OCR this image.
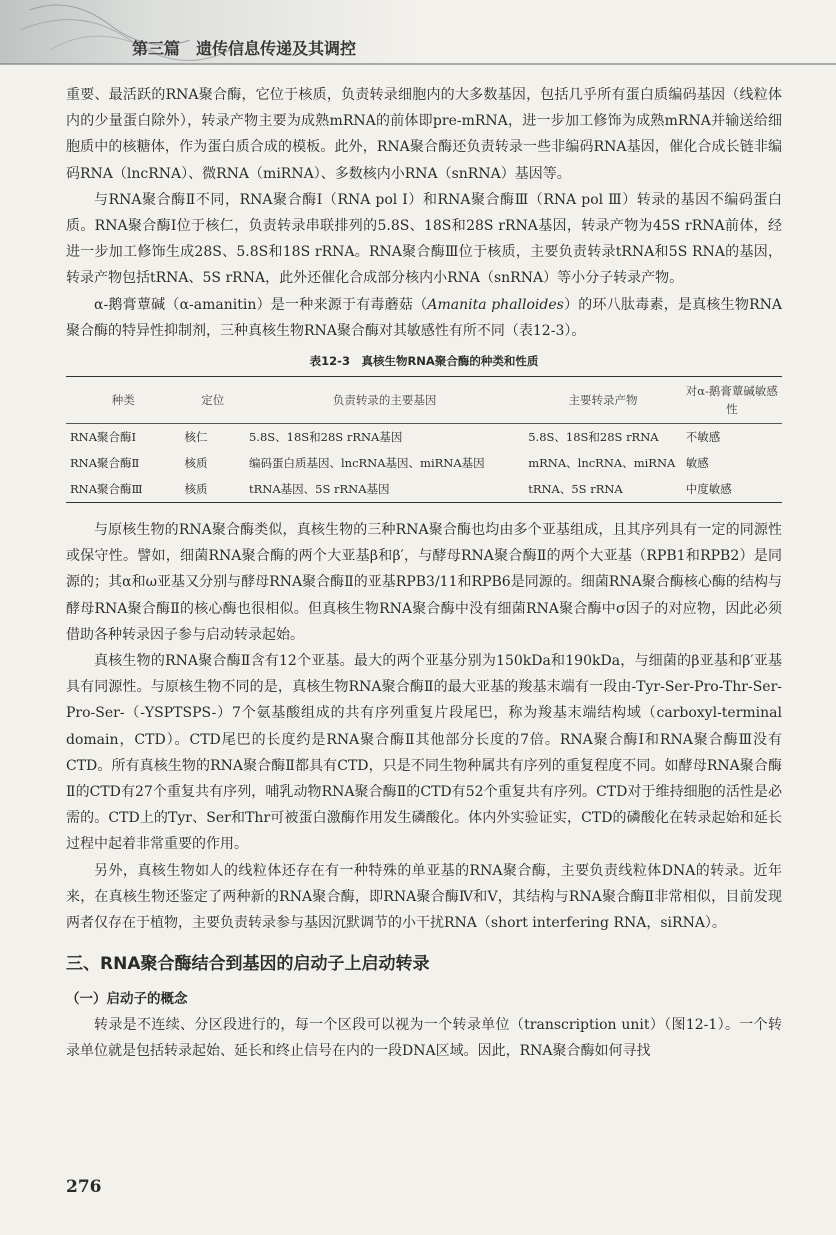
第三篇　遗传信息传递及其调控

重要、最活跃的RNA聚合酶，它位于核质，负责转录细胞内的大多数基因，包括几乎所有蛋白质编码基因（线粒体内的少量蛋白除外），转录产物主要为成熟mRNA的前体即pre-mRNA，进一步加工修饰为成熟mRNA并输送给细胞质中的核糖体，作为蛋白质合成的模板。此外，RNA聚合酶还负责转录一些非编码RNA基因，催化合成长链非编码RNA（lncRNA）、微RNA（miRNA）、多数核内小RNA（snRNA）基因等。

与RNA聚合酶Ⅱ不同，RNA聚合酶Ⅰ（RNA pol Ⅰ）和RNA聚合酶Ⅲ（RNA pol Ⅲ）转录的基因不编码蛋白质。RNA聚合酶Ⅰ位于核仁，负责转录串联排列的5.8S、18S和28S rRNA基因，转录产物为45S rRNA前体，经进一步加工修饰生成28S、5.8S和18S rRNA。RNA聚合酶Ⅲ位于核质，主要负责转录tRNA和5S RNA的基因，转录产物包括tRNA、5S rRNA，此外还催化合成部分核内小RNA（snRNA）等小分子转录产物。

α-鹅膏蕈碱（α-amanitin）是一种来源于有毒蘑菇（Amanita phalloides）的环八肽毒素，是真核生物RNA聚合酶的特异性抑制剂，三种真核生物RNA聚合酶对其敏感性有所不同（表12-3）。

表12-3　真核生物RNA聚合酶的种类和性质
种类	定位	负责转录的主要基因	主要转录产物	对α-鹅膏蕈碱敏感性
RNA聚合酶Ⅰ	核仁	5.8S、18S和28S rRNA基因	5.8S、18S和28S rRNA	不敏感
RNA聚合酶Ⅱ	核质	编码蛋白质基因、lncRNA基因、miRNA基因	mRNA、lncRNA、miRNA	敏感
RNA聚合酶Ⅲ	核质	tRNA基因、5S rRNA基因	tRNA、5S rRNA	中度敏感

与原核生物的RNA聚合酶类似，真核生物的三种RNA聚合酶也均由多个亚基组成，且其序列具有一定的同源性或保守性。譬如，细菌RNA聚合酶的两个大亚基β和β′，与酵母RNA聚合酶Ⅱ的两个大亚基（RPB1和RPB2）是同源的；其α和ω亚基又分别与酵母RNA聚合酶Ⅱ的亚基RPB3/11和RPB6是同源的。细菌RNA聚合酶核心酶的结构与酵母RNA聚合酶Ⅱ的核心酶也很相似。但真核生物RNA聚合酶中没有细菌RNA聚合酶中σ因子的对应物，因此必须借助各种转录因子参与启动转录起始。

真核生物的RNA聚合酶Ⅱ含有12个亚基。最大的两个亚基分别为150kDa和190kDa，与细菌的β亚基和β′亚基具有同源性。与原核生物不同的是，真核生物RNA聚合酶Ⅱ的最大亚基的羧基末端有一段由-Tyr-Ser-Pro-Thr-Ser-Pro-Ser-（-YSPTSPS-）7个氨基酸组成的共有序列重复片段尾巴，称为羧基末端结构域（carboxyl-terminal domain，CTD）。CTD尾巴的长度约是RNA聚合酶Ⅱ其他部分长度的7倍。RNA聚合酶Ⅰ和RNA聚合酶Ⅲ没有CTD。所有真核生物的RNA聚合酶Ⅱ都具有CTD，只是不同生物种属共有序列的重复程度不同。如酵母RNA聚合酶Ⅱ的CTD有27个重复共有序列，哺乳动物RNA聚合酶Ⅱ的CTD有52个重复共有序列。CTD对于维持细胞的活性是必需的。CTD上的Tyr、Ser和Thr可被蛋白激酶作用发生磷酸化。体内外实验证实，CTD的磷酸化在转录起始和延长过程中起着非常重要的作用。

另外，真核生物如人的线粒体还存在有一种特殊的单亚基的RNA聚合酶，主要负责线粒体DNA的转录。近年来，在真核生物还鉴定了两种新的RNA聚合酶，即RNA聚合酶Ⅳ和Ⅴ，其结构与RNA聚合酶Ⅱ非常相似，目前发现两者仅存在于植物，主要负责转录参与基因沉默调节的小干扰RNA（short interfering RNA，siRNA）。

三、RNA聚合酶结合到基因的启动子上启动转录
（一）启动子的概念

转录是不连续、分区段进行的，每一个区段可以视为一个转录单位（transcription unit）（图12-1）。一个转录单位就是包括转录起始、延长和终止信号在内的一段DNA区域。因此，RNA聚合酶如何寻找

276
